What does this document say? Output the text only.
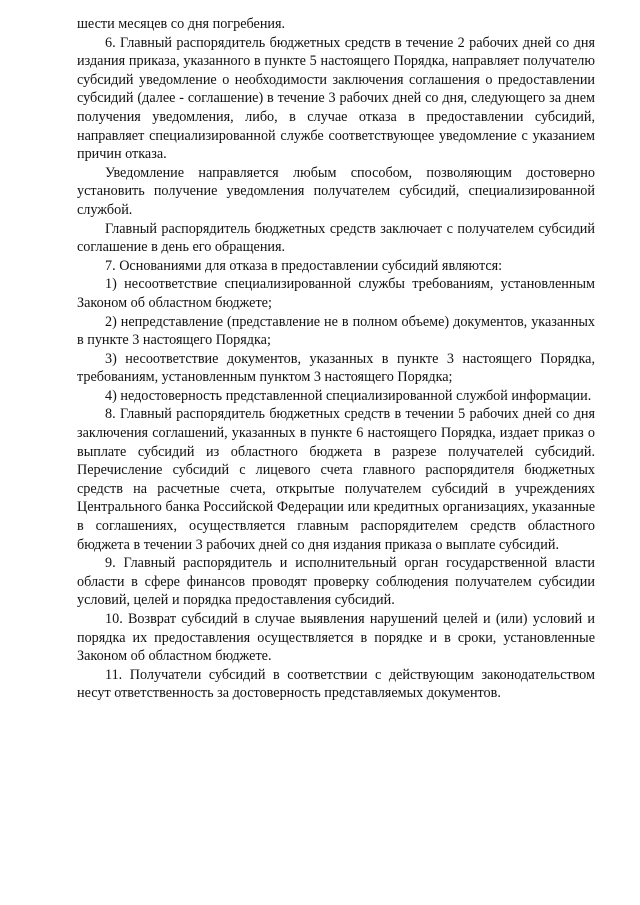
шести месяцев со дня погребения.

6. Главный распорядитель бюджетных средств в течение 2 рабочих дней со дня издания приказа, указанного в пункте 5 настоящего Порядка, направляет получателю субсидий уведомление о необходимости заключения соглашения о предоставлении субсидий (далее - соглашение) в течение 3 рабочих дней со дня, следующего за днем получения уведомления, либо, в случае отказа в предоставлении субсидий, направляет специализированной службе соответствующее уведомление с указанием причин отказа.

Уведомление направляется любым способом, позволяющим достоверно установить получение уведомления получателем субсидий, специализированной службой.

Главный распорядитель бюджетных средств заключает с получателем субсидий соглашение в день его обращения.

7. Основаниями для отказа в предоставлении субсидий являются:

1) несоответствие специализированной службы требованиям, установленным Законом об областном бюджете;

2) непредставление (представление не в полном объеме) документов, указанных в пункте 3 настоящего Порядка;

3) несоответствие документов, указанных в пункте 3 настоящего Порядка, требованиям, установленным пунктом 3 настоящего Порядка;

4) недостоверность представленной специализированной службой информации.

8. Главный распорядитель бюджетных средств в течении 5 рабочих дней со дня заключения соглашений, указанных в пункте 6 настоящего Порядка, издает приказ о выплате субсидий из областного бюджета в разрезе получателей субсидий. Перечисление субсидий с лицевого счета главного распорядителя бюджетных средств на расчетные счета, открытые получателем субсидий в учреждениях Центрального банка Российской Федерации или кредитных организациях, указанные в соглашениях, осуществляется главным распорядителем средств областного бюджета в течении 3 рабочих дней со дня издания приказа о выплате субсидий.

9. Главный распорядитель и исполнительный орган государственной власти области в сфере финансов проводят проверку соблюдения получателем субсидии условий, целей и порядка предоставления субсидий.

10. Возврат субсидий в случае выявления нарушений целей и (или) условий и порядка их предоставления осуществляется в порядке и в сроки, установленные Законом об областном бюджете.

11. Получатели субсидий в соответствии с действующим законодательством несут ответственность за достоверность представляемых документов.
